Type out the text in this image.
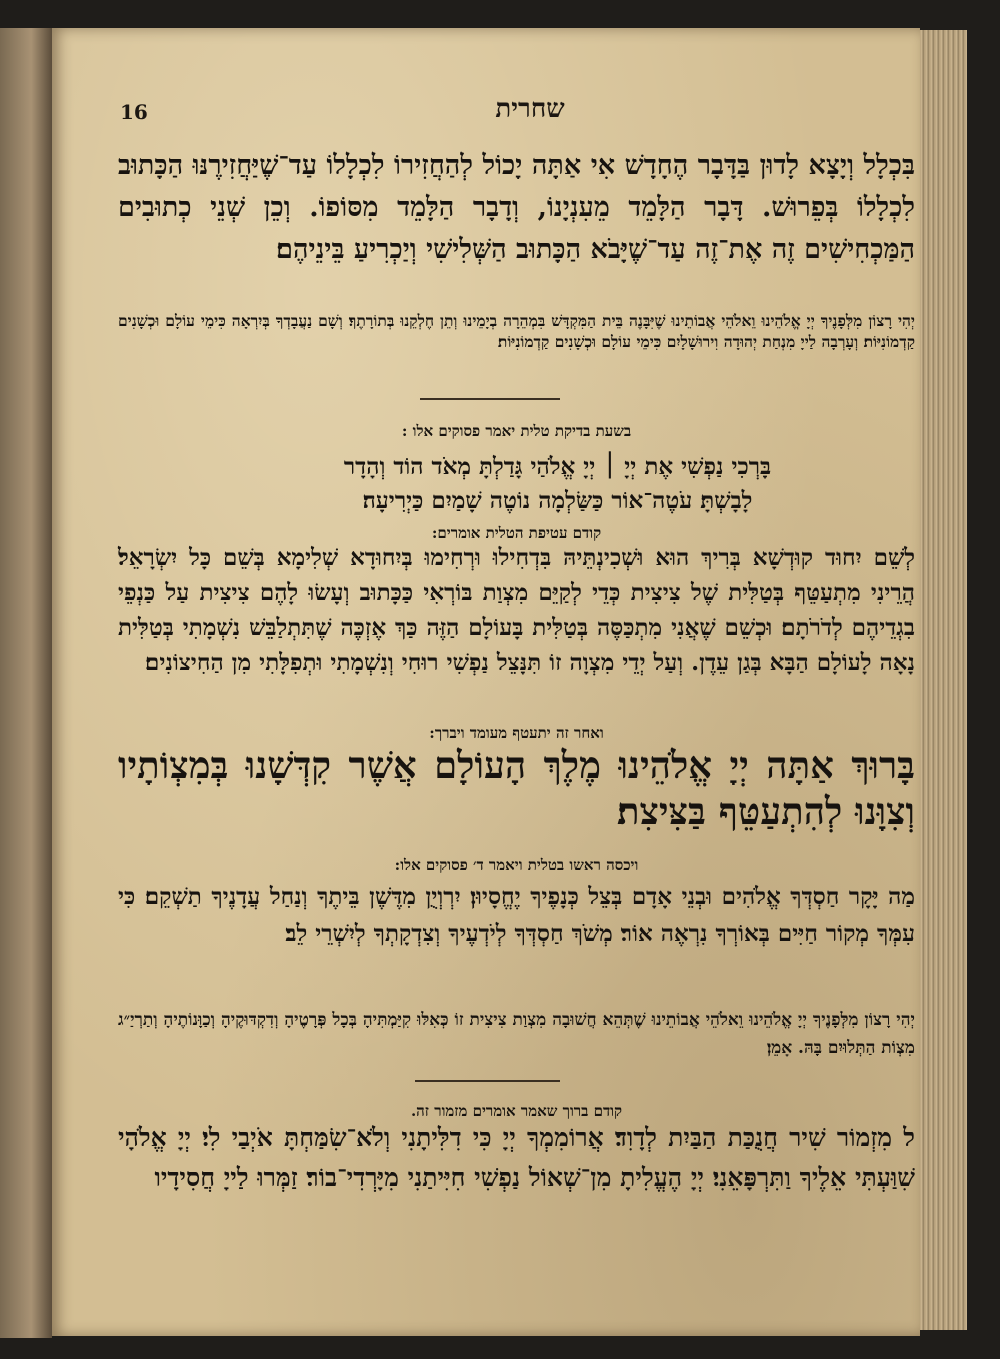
16	שחרית
בִּכְלָל וְיָצָא לָדוּן בַּדָּבָר הֶחָדָשׁ אִי אַתָּה יָכוֹל לְהַחֲזִירוֹ לִכְלָלוֹ עַד־שֶׁיַּחֲזִירֶנּוּ הַכָּתוּב לִכְלָלוֹ בְּפֵרוּשׁ. דָּבָר הַלָּמֵד מֵעִנְיָנוֹ, וְדָבָר הַלָּמֵד מִסּוֹפוֹ. וְכֵן שְׁנֵי כְתוּבִים הַמַּכְחִישִׁים זֶה אֶת־זֶה עַד־שֶׁיָּבֹא הַכָּתוּב הַשְּׁלִישִׁי וְיַכְרִיעַ בֵּינֵיהֶם׃
יְהִי רָצוֹן מִלְּפָנֶיךָ יְיָ אֱלֹהֵינוּ וֵאלֹהֵי אֲבוֹתֵינוּ שֶׁיִּבָּנֶה בֵּית הַמִּקְדָּשׁ בִּמְהֵרָה בְיָמֵינוּ וְתֵן חֶלְקֵנוּ בְּתוֹרָתֶךָ׃ וְשָׁם נַעֲבָדְךָ בְּיִרְאָה כִּימֵי עוֹלָם וּכְשָׁנִים קַדְמוֹנִיּוֹת׃ וְעָרְבָה לַייָ מִנְחַת יְהוּדָה וִירוּשָׁלָיִם כִּימֵי עוֹלָם וּכְשָׁנִים קַדְמוֹנִיּוֹת׃
בשעת בדיקת טלית יאמר פסוקים אלו :
בָּרְכִי נַפְשִׁי אֶת יְיָ ׀ יְיָ אֱלֹהַי גָּדַלְתָּ מְאֹד הוֹד וְהָדָר
לָבָשְׁתָּ׃ עֹטֶה־אוֹר כַּשַּׂלְמָה נוֹטֶה שָׁמַיִם כַּיְרִיעָה׃
קודם עטיפת הטלית אומרים:
לְשֵׁם יִחוּד קוּדְשָׁא בְּרִיךְ הוּא וּשְׁכִינְתֵּיהּ בִּדְחִילוּ וּרְחִימוּ בְּיִחוּדָא שְׁלִימָא בְּשֵׁם כָּל יִשְׂרָאֵל׃ הֲרֵינִי מִתְעַטֵּף בְּטַלִּית שֶׁל צִיצִית כְּדֵי לְקַיֵּם מִצְוַת בּוֹרְאִי כַּכָּתוּב וְעָשׂוּ לָהֶם צִיצִית עַל כַּנְפֵי בִגְדֵיהֶם לְדֹרֹתָם׃ וּכְשֵׁם שֶׁאֲנִי מִתְכַּסֶּה בְּטַלִּית בָּעוֹלָם הַזֶּה כַּךְ אֶזְכֶּה שֶׁתִּתְלַבֵּשׁ נִשְׁמָתִי בְּטַלִּית נָאָה לָעוֹלָם הַבָּא בְּגַן עֵדֶן. וְעַל יְדֵי מִצְוָה זוֹ תִּנָּצֵל נַפְשִׁי רוּחִי וְנִשְׁמָתִי וּתְפִלָּתִי מִן הַחִיצוֹנִים׃
ואחר זה יתעטף מעומד ויברך:
בָּרוּךְ אַתָּה יְיָ אֱלֹהֵינוּ מֶלֶךְ הָעוֹלָם אֲשֶׁר קִדְּשָׁנוּ בְּמִצְוֹתָיו וְצִוָּנוּ לְהִתְעַטֵּף בַּצִּיצִת׃
ויכסה ראשו בטלית ויאמר ד׳ פסוקים אלו:
מַה יָּקָר חַסְדְּךָ אֱלֹהִים וּבְנֵי אָדָם בְּצֵל כְּנָפֶיךָ יֶחֱסָיוּן׃ יִרְוְיֻן מִדֶּשֶׁן בֵּיתֶךָ וְנַחַל עֲדָנֶיךָ תַשְׁקֵם׃ כִּי עִמְּךָ מְקוֹר חַיִּים בְּאוֹרְךָ נִרְאֶה אוֹר׃ מְשֹׁךְ חַסְדְּךָ לְיֹדְעֶיךָ וְצִדְקָתְךָ לְיִשְׁרֵי לֵב׃
יְהִי רָצוֹן מִלְּפָנֶיךָ יְיָ אֱלֹהֵינוּ וֵאלֹהֵי אֲבוֹתֵינוּ שֶׁתְּהֵא חֲשׁוּבָה מִצְוַת צִיצִית זוֹ כְּאִלּוּ קִיַּמְתִּיהָ בְּכָל פְּרָטֶיהָ וְדִקְדּוּקֶיהָ וְכַוָּנוֹתֶיהָ וְתַרְיַ״ג מִצְוֹת הַתְּלוּיִם בָּהּ. אָמֵן׃
קודם ברוך שאמר אומרים מזמור זה.
ל מִזְמוֹר שִׁיר חֲנֻכַּת הַבַּיִת לְדָוִד׃ אֲרוֹמִמְךָ יְיָ כִּי דִלִּיתָנִי וְלֹא־שִׂמַּחְתָּ אֹיְבַי לִי׃ יְיָ אֱלֹהָי שִׁוַּעְתִּי אֵלֶיךָ וַתִּרְפָּאֵנִי׃ יְיָ הֶעֱלִיתָ מִן־שְׁאוֹל נַפְשִׁי חִיִּיתַנִי מִיָּרְדִי־בוֹר׃ זַמְּרוּ לַייָ חֲסִידָיו
